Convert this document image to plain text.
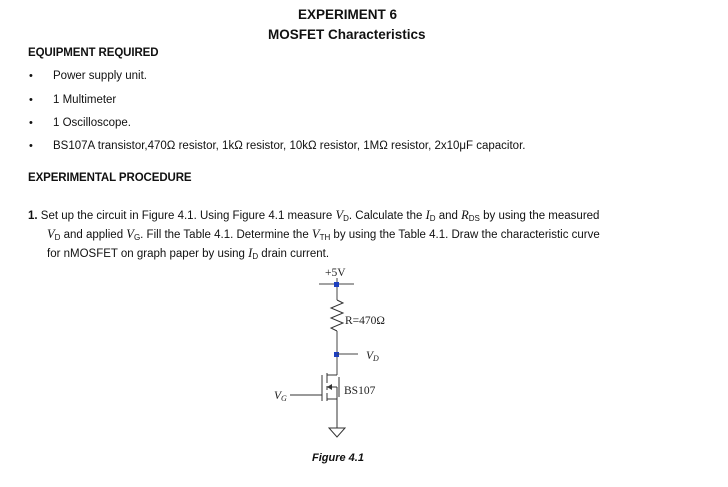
EXPERIMENT 6
MOSFET Characteristics
EQUIPMENT REQUIRED
• Power supply unit.
• 1 Multimeter
• 1 Oscilloscope.
• BS107A transistor,470Ω resistor, 1kΩ resistor, 10kΩ resistor, 1MΩ resistor, 2x10μF capacitor.
EXPERIMENTAL PROCEDURE
1. Set up the circuit in Figure 4.1. Using Figure 4.1 measure $V_D$. Calculate the $I_D$ and $R_{DS}$ by using the measured
$V_D$ and applied $V_G$. Fill the Table 4.1. Determine the $V_{TH}$ by using the Table 4.1. Draw the characteristic curve
for nMOSFET on graph paper by using $I_D$ drain current.
+5V
R=470Ω
VD
BS107
VG
Figure 4.1
